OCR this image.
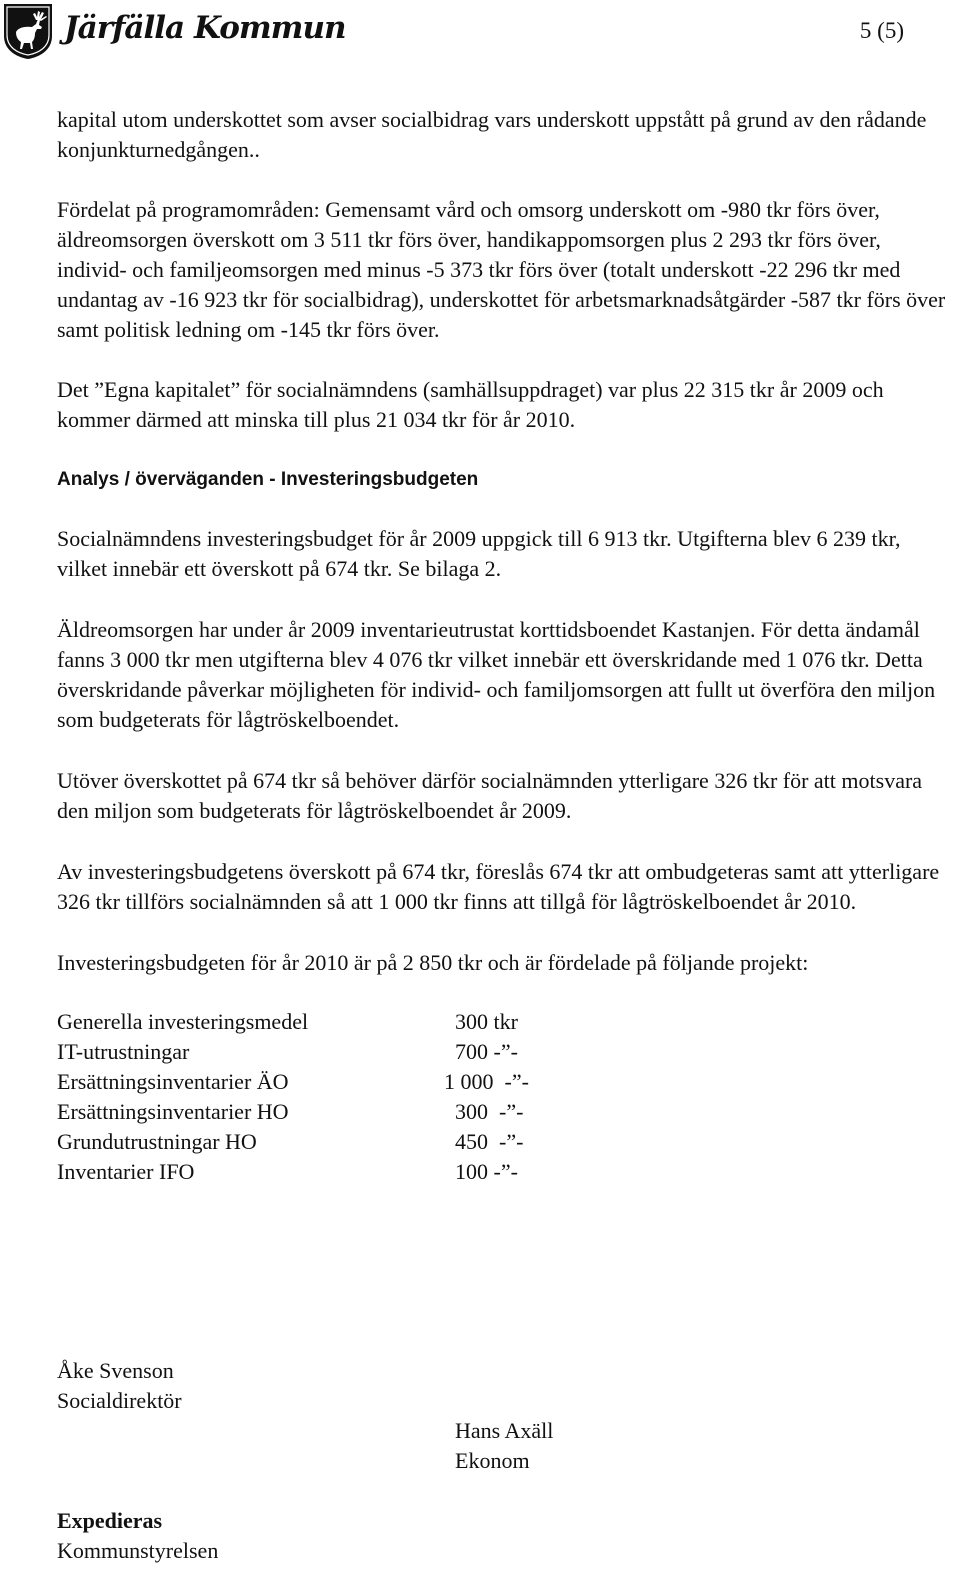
Järfälla Kommun	5 (5)

kapital utom underskottet som avser socialbidrag vars underskott uppstått på grund av den rådande konjunkturnedgången..

Fördelat på programområden: Gemensamt vård och omsorg underskott om -980 tkr förs över, äldreomsorgen överskott om 3 511 tkr förs över, handikappomsorgen plus 2 293 tkr förs över, individ- och familjeomsorgen med minus -5 373 tkr förs över (totalt underskott -22 296 tkr med undantag av -16 923 tkr för socialbidrag), underskottet för arbetsmarknadsåtgärder -587 tkr förs över samt politisk ledning om -145 tkr förs över.

Det ”Egna kapitalet” för socialnämndens (samhällsuppdraget) var plus 22 315 tkr år 2009 och kommer därmed att minska till plus 21 034 tkr för år 2010.

Analys / överväganden - Investeringsbudgeten

Socialnämndens investeringsbudget för år 2009 uppgick till 6 913 tkr. Utgifterna blev 6 239 tkr, vilket innebär ett överskott på 674 tkr. Se bilaga 2.

Äldreomsorgen har under år 2009 inventarieutrustat korttidsboendet Kastanjen. För detta ändamål fanns 3 000 tkr men utgifterna blev 4 076 tkr vilket innebär ett överskridande med 1 076 tkr. Detta överskridande påverkar möjligheten för individ- och familjomsorgen att fullt ut överföra den miljon som budgeterats för lågtröskelboendet.

Utöver överskottet på 674 tkr så behöver därför socialnämnden ytterligare 326 tkr för att motsvara den miljon som budgeterats för lågtröskelboendet år 2009.

Av investeringsbudgetens överskott på 674 tkr, föreslås 674 tkr att ombudgeteras samt att ytterligare 326 tkr tillförs socialnämnden så att 1 000 tkr finns att tillgå för lågtröskelboendet år 2010.

Investeringsbudgeten för år 2010 är på 2 850 tkr och är fördelade på följande projekt:

Generella investeringsmedel	300 tkr
IT-utrustningar	700 -”-
Ersättningsinventarier ÄO	1 000  -”-
Ersättningsinventarier HO	300  -”-
Grundutrustningar HO	450  -”-
Inventarier IFO	100 -”-
Åke Svenson
Socialdirektör
Hans Axäll
Ekonom
Expedieras
Kommunstyrelsen
